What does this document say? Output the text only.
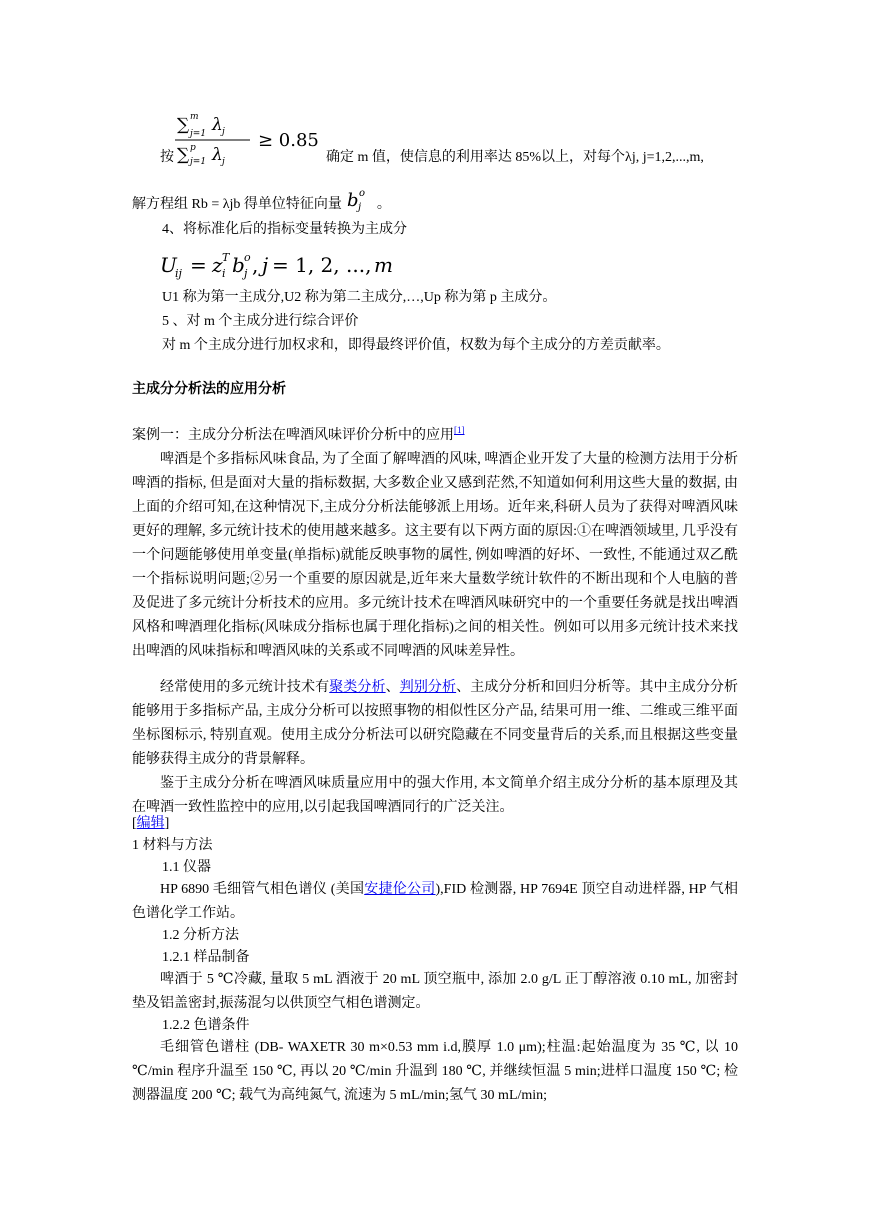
按
∑ m
j=1 λ j
∑ p
j=1 λ j
≥ 0.85
确定 m 值，使信息的利用率达 85%以上，对每个λj, j=1,2,...,m,
解方程组 Rb = λjb 得单位特征向量 b o
j 。
4、将标准化后的指标变量转换为主成分
U
ij = z i
T b o
j , j = 1, 2, ..., m
U1 称为第一主成分,U2 称为第二主成分,…,Up 称为第 p 主成分。
5 、对 m 个主成分进行综合评价
对 m 个主成分进行加权求和，即得最终评价值，权数为每个主成分的方差贡献率。
主成分分析法的应用分析
案例一：主成分分析法在啤酒风味评价分析中的应用[1]
啤酒是个多指标风味食品, 为了全面了解啤酒的风味, 啤酒企业开发了大量的检测方法用于分析啤酒的指标, 但是面对大量的指标数据, 大多数企业又感到茫然,不知道如何利用这些大量的数据, 由上面的介绍可知,在这种情况下,主成分分析法能够派上用场。近年来,科研人员为了获得对啤酒风味更好的理解, 多元统计技术的使用越来越多。这主要有以下两方面的原因:①在啤酒领域里, 几乎没有一个问题能够使用单变量(单指标)就能反映事物的属性, 例如啤酒的好坏、一致性, 不能通过双乙酰一个指标说明问题;②另一个重要的原因就是,近年来大量数学统计软件的不断出现和个人电脑的普及促进了多元统计分析技术的应用。多元统计技术在啤酒风味研究中的一个重要任务就是找出啤酒风格和啤酒理化指标(风味成分指标也属于理化指标)之间的相关性。例如可以用多元统计技术来找出啤酒的风味指标和啤酒风味的关系或不同啤酒的风味差异性。
经常使用的多元统计技术有聚类分析、判别分析、主成分分析和回归分析等。其中主成分分析能够用于多指标产品, 主成分分析可以按照事物的相似性区分产品, 结果可用一维、二维或三维平面坐标图标示, 特别直观。使用主成分分析法可以研究隐藏在不同变量背后的关系,而且根据这些变量能够获得主成分的背景解释。
鉴于主成分分析在啤酒风味质量应用中的强大作用, 本文简单介绍主成分分析的基本原理及其在啤酒一致性监控中的应用,以引起我国啤酒同行的广泛关注。
[编辑]
1 材料与方法
1.1 仪器
HP 6890 毛细管气相色谱仪 (美国安捷伦公司),FID 检测器, HP 7694E 顶空自动进样器, HP 气相色谱化学工作站。
1.2 分析方法
1.2.1 样品制备
啤酒于 5 ℃冷藏, 量取 5 mL 酒液于 20 mL 顶空瓶中, 添加 2.0 g/L 正丁醇溶液 0.10 mL, 加密封垫及铝盖密封,振荡混匀以供顶空气相色谱测定。
1.2.2 色谱条件
毛细管色谱柱 (DB- WAXETR 30 m×0.53 mm i.d,膜厚 1.0 μm);柱温:起始温度为 35 ℃, 以 10 ℃/min 程序升温至 150 ℃, 再以 20 ℃/min 升温到 180 ℃, 并继续恒温 5 min;进样口温度 150 ℃; 检测器温度 200 ℃; 载气为高纯氮气, 流速为 5 mL/min;氢气 30 mL/min;
